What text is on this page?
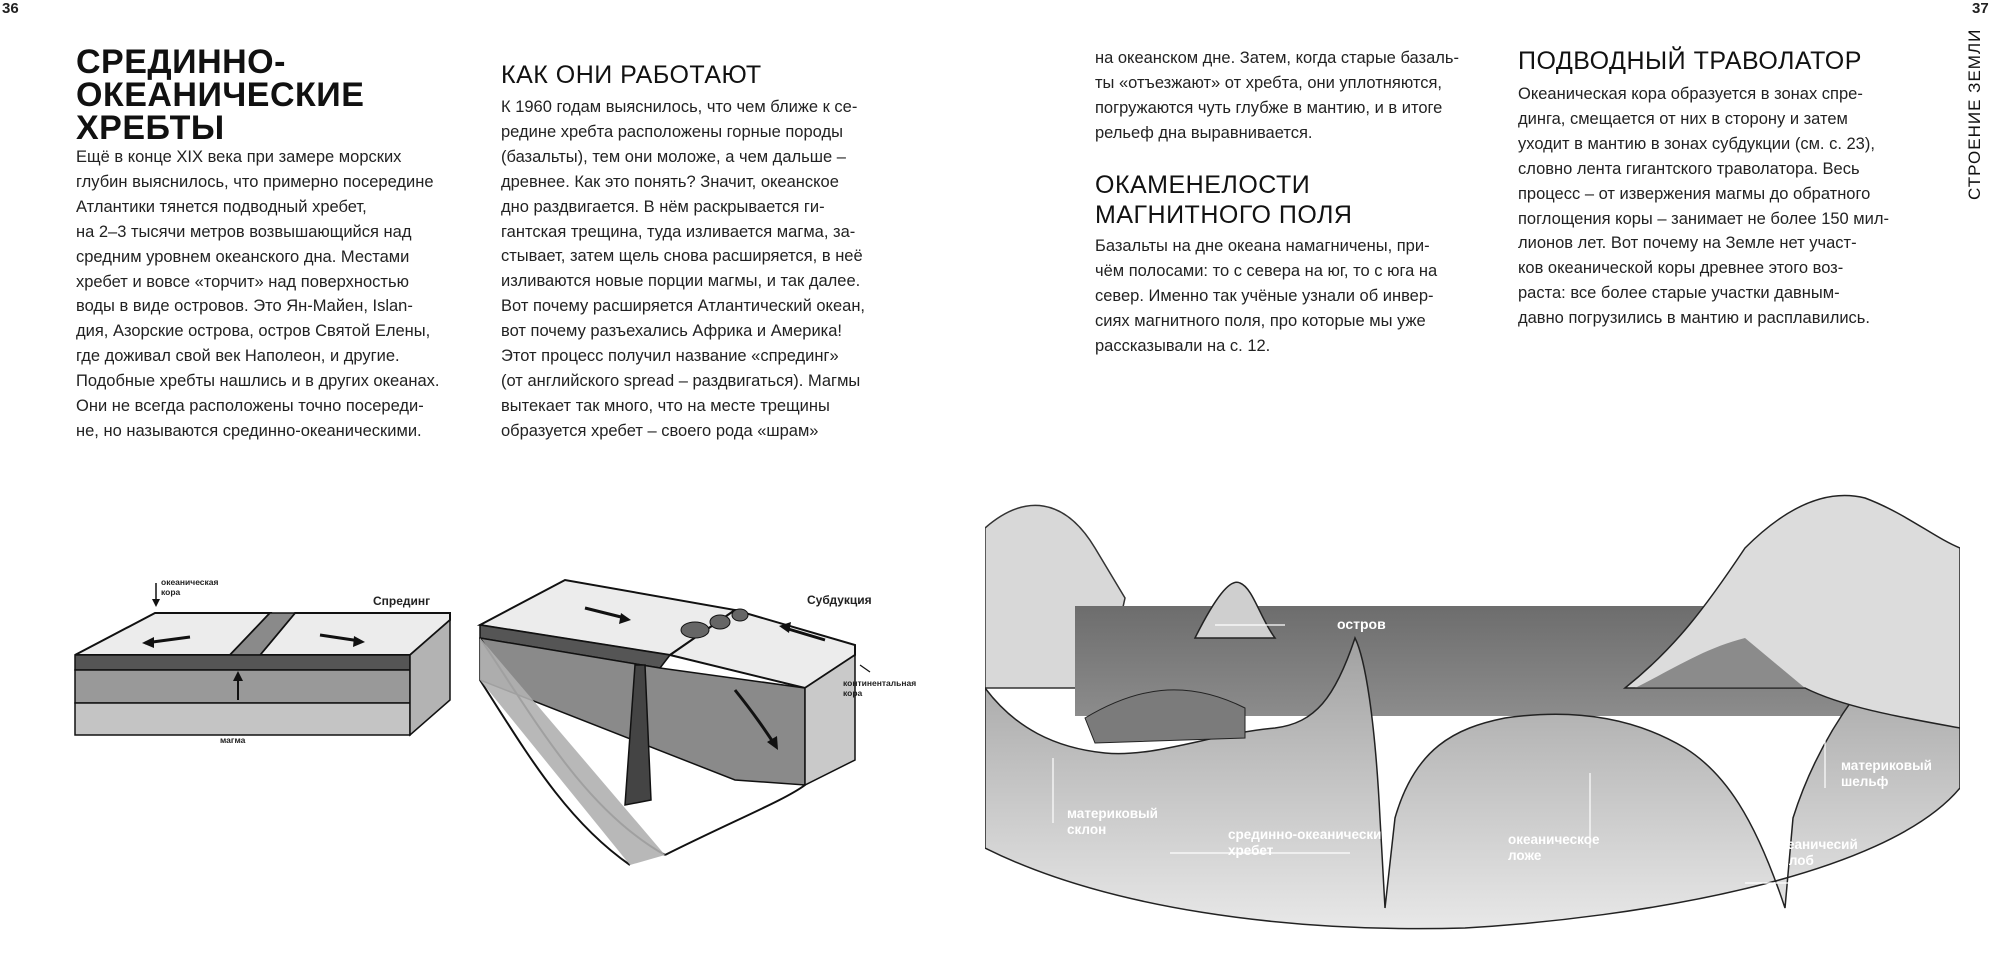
36	37
СТРОЕНИЕ ЗЕМЛИ
СРЕДИННО-
ОКЕАНИЧЕСКИЕ
ХРЕБТЫ
Ещё в конце XIX века при замере морских
глубин выяснилось, что примерно посередине
Атлантики тянется подводный хребет,
на 2–3 тысячи метров возвышающийся над
средним уровнем океанского дна. Местами
хребет и вовсе «торчит» над поверхностью
воды в виде островов. Это Ян-Майен, Islan-
дия, Азорские острова, остров Святой Елены,
где доживал свой век Наполеон, и другие.
Подобные хребты нашлись и в других океанах.
Они не всегда расположены точно посереди-
не, но называются срединно-океаническими.
КАК ОНИ РАБОТАЮТ
К 1960 годам выяснилось, что чем ближе к се-
редине хребта расположены горные породы
(базальты), тем они моложе, а чем дальше –
древнее. Как это понять? Значит, океанское
дно раздвигается. В нём раскрывается ги-
гантская трещина, туда изливается магма, за-
стывает, затем щель снова расширяется, в неё
изливаются новые порции магмы, и так далее.
Вот почему расширяется Атлантический океан,
вот почему разъехались Африка и Америка!
Этот процесс получил название «спрединг»
(от английского spread – раздвигаться). Магмы
вытекает так много, что на месте трещины
образуется хребет – своего рода «шрам»
на океанском дне. Затем, когда старые базаль-
ты «отъезжают» от хребта, они уплотняются,
погружаются чуть глубже в мантию, и в итоге
рельеф дна выравнивается.
ОКАМЕНЕЛОСТИ
МАГНИТНОГО ПОЛЯ
Базальты на дне океана намагничены, при-
чём полосами: то с севера на юг, то с юга на
север. Именно так учёные узнали об инвер-
сиях магнитного поля, про которые мы уже
рассказывали на с. 12.
ПОДВОДНЫЙ ТРАВОЛАТОР
Океаническая кора образуется в зонах спре-
динга, смещается от них в сторону и затем
уходит в мантию в зонах субдукции (см. с. 23),
словно лента гигантского траволатора. Весь
процесс – от извержения магмы до обратного
поглощения коры – занимает не более 150 мил-
лионов лет. Вот почему на Земле нет участ-
ков океанической коры древнее этого воз-
раста: все более старые участки давным-
давно погрузились в мантию и расплавились.
океаническая кора
магма
Спрединг	Субдукция
континентальная кора
остров
материковый склон	срединно-океанический хребет
океаническое ложе
материковый шельф
океаничесий желоб
